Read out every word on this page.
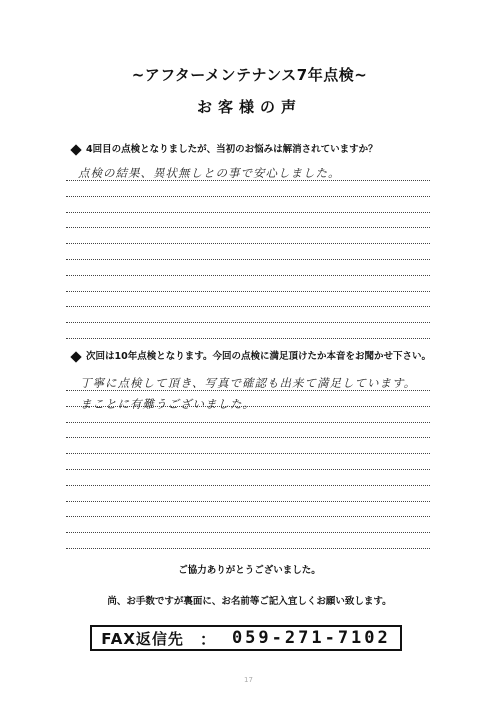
~アフターメンテナンス7年点検~
お客様の声
4回目の点検となりましたが、当初のお悩みは解消されていますか？
点検の結果、異状無しとの事で安心しました。
次回は10年点検となります。今回の点検に満足頂けたか本音をお聞かせ下さい。
丁寧に点検して頂き、写真で確認も出来て満足しています。
まことに有難うございました。
ご協力ありがとうございました。
尚、お手数ですが裏面に、お名前等ご記入宜しくお願い致します。
FAX返信先 ： 059-271-7102
17
